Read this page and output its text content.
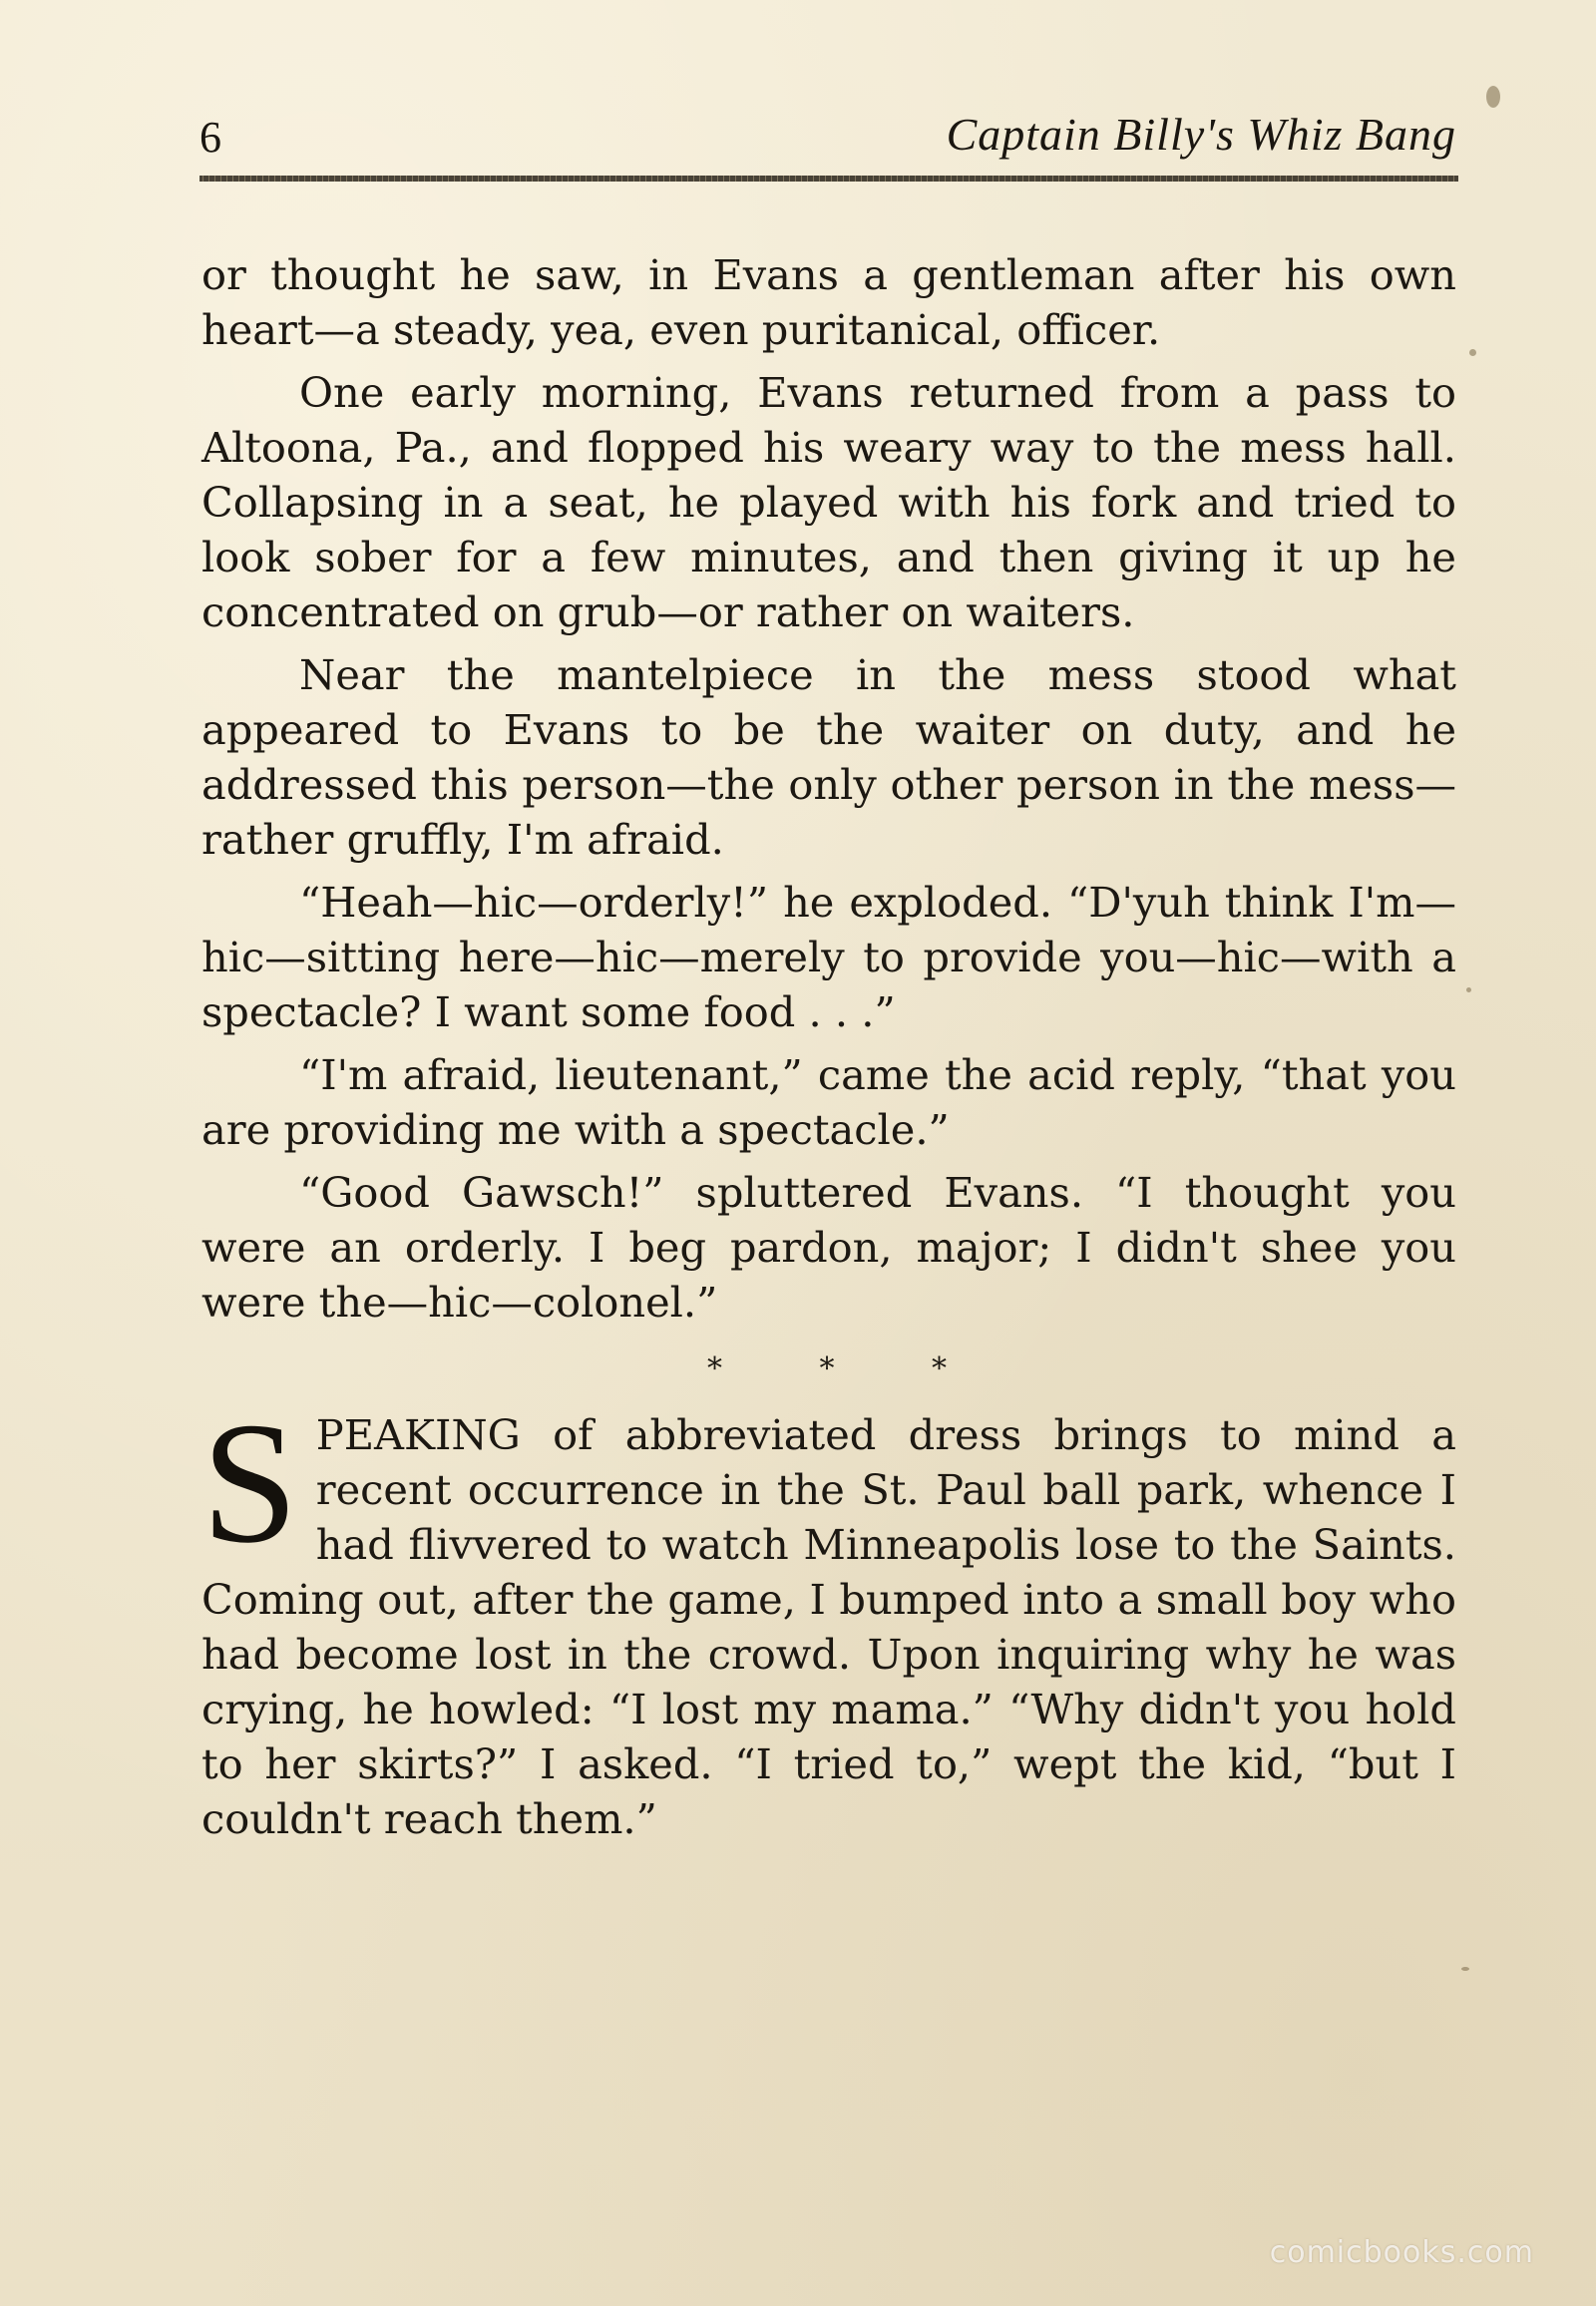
6	Captain Billy's Whiz Bang

or thought he saw, in Evans a gentleman after his own heart—a steady, yea, even puritanical, officer.

One early morning, Evans returned from a pass to Altoona, Pa., and flopped his weary way to the mess hall. Collapsing in a seat, he played with his fork and tried to look sober for a few minutes, and then giving it up he concentrated on grub—or rather on waiters.

Near the mantelpiece in the mess stood what appeared to Evans to be the waiter on duty, and he addressed this person—the only other person in the mess—rather gruffly, I'm afraid.

“Heah—hic—orderly!” he exploded. “D'yuh think I'm—hic—sitting here—hic—merely to provide you—hic—with a spectacle? I want some food . . .”

“I'm afraid, lieutenant,” came the acid reply, “that you are providing me with a spectacle.”

“Good Gawsch!” spluttered Evans. “I thought you were an orderly. I beg pardon, major; I didn't shee you were the—hic—colonel.”

* * *

S PEAKING of abbreviated dress brings to mind a recent occurrence in the St. Paul ball park, whence I had flivvered to watch Minneapolis lose to the Saints. Coming out, after the game, I bumped into a small boy who had become lost in the crowd. Upon inquiring why he was crying, he howled: “I lost my mama.” “Why didn't you hold to her skirts?” I asked. “I tried to,” wept the kid, “but I couldn't reach them.”
comicbooks.com
